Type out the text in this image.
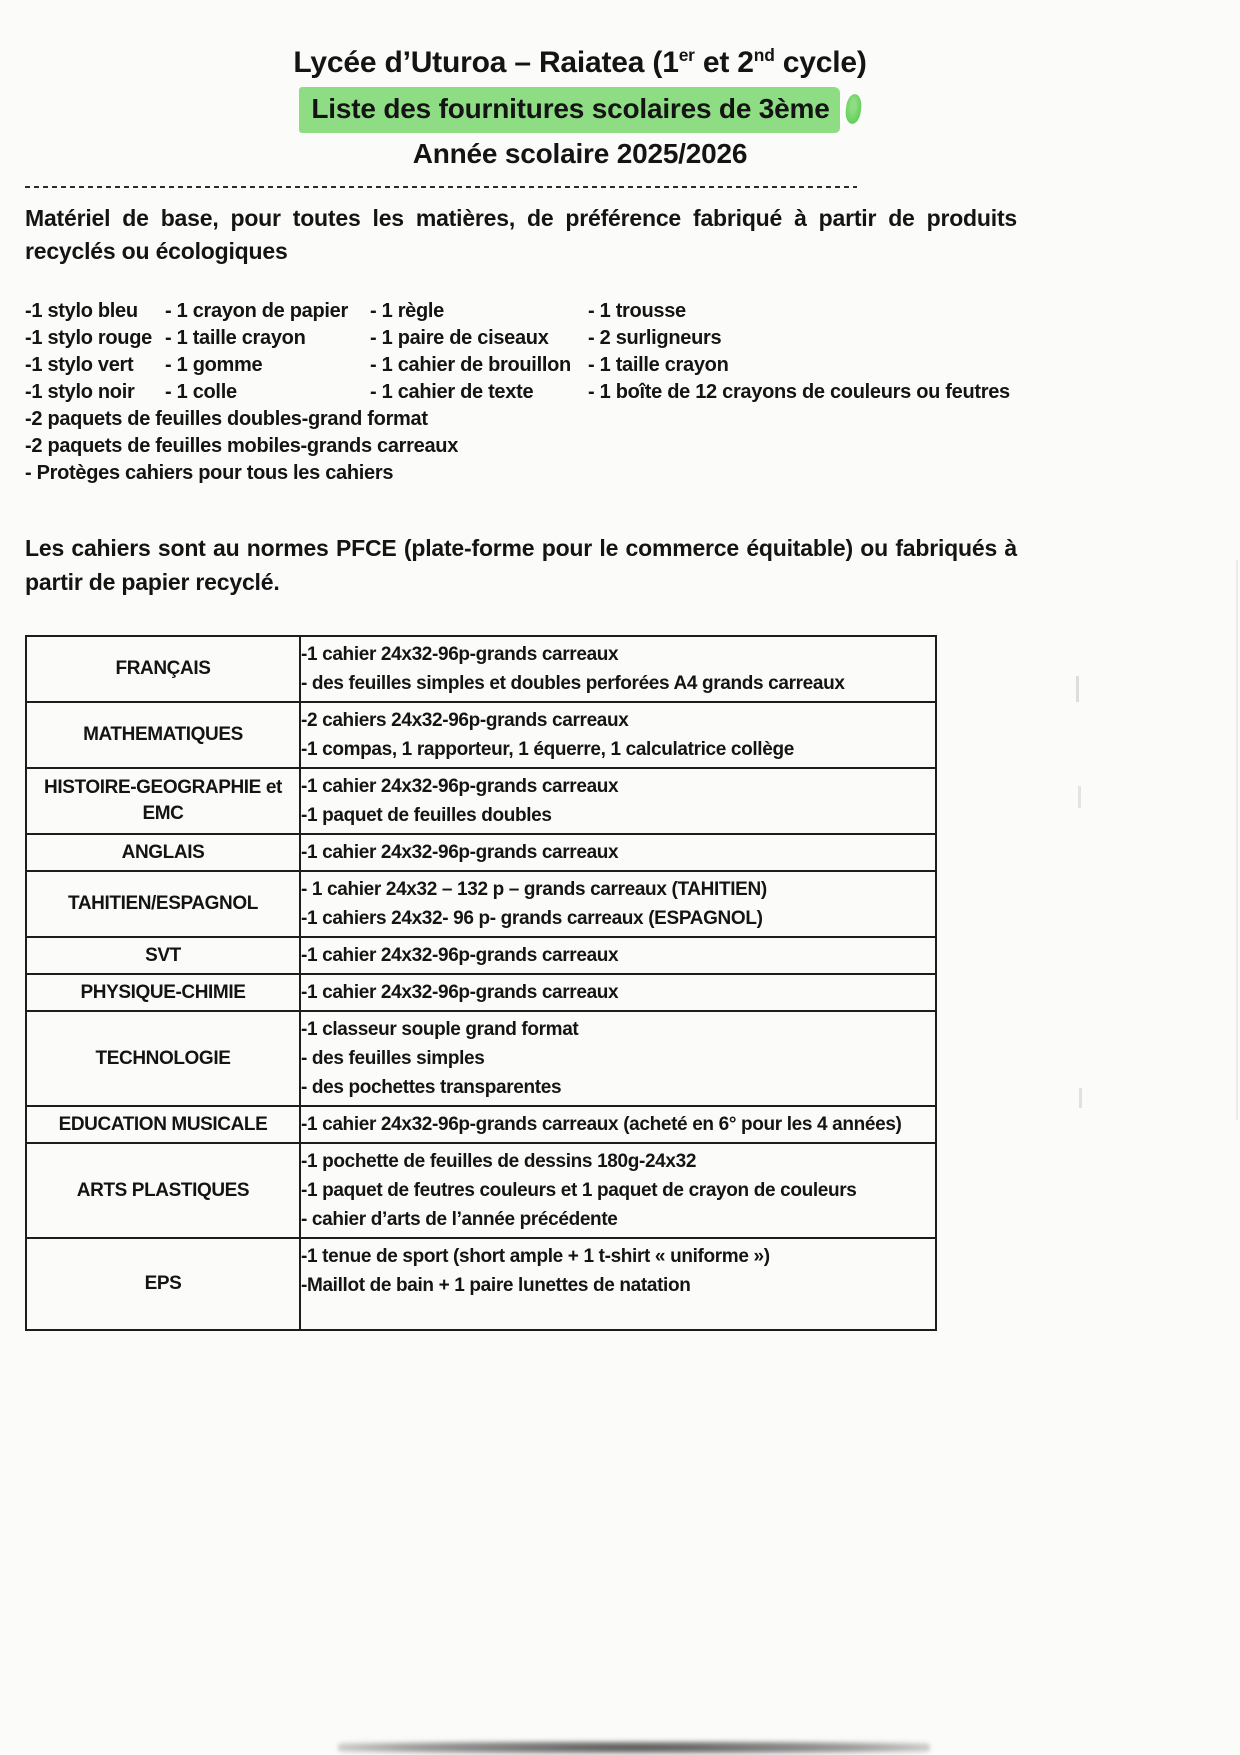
Lycée d’Uturoa – Raiatea (1er et 2nd cycle)
Liste des fournitures scolaires de 3ème
Année scolaire 2025/2026

Matériel de base, pour toutes les matières, de préférence fabriqué à partir de produits recyclés ou écologiques

-1 stylo bleu	- 1 crayon de papier	- 1 règle	- 1 trousse
-1 stylo rouge - 1 taille crayon	- 1 paire de ciseaux	- 2 surligneurs
-1 stylo vert	- 1 gomme	- 1 cahier de brouillon - 1 taille crayon
-1 stylo noir	- 1 colle	- 1 cahier de texte	- 1 boîte de 12 crayons de couleurs ou feutres
-2 paquets de feuilles doubles-grand format
-2 paquets de feuilles mobiles-grands carreaux
- Protèges cahiers pour tous les cahiers

Les cahiers sont au normes PFCE (plate-forme pour le commerce équitable) ou fabriqués à partir de papier recyclé.

FRANÇAIS	-1 cahier 24x32-96p-grands carreaux
- des feuilles simples et doubles perforées A4 grands carreaux

MATHEMATIQUES	-2 cahiers 24x32-96p-grands carreaux
-1 compas, 1 rapporteur, 1 équerre, 1 calculatrice collège

HISTOIRE-GEOGRAPHIE et EMC	-1 cahier 24x32-96p-grands carreaux
-1 paquet de feuilles doubles

ANGLAIS	-1 cahier 24x32-96p-grands carreaux

TAHITIEN/ESPAGNOL	- 1 cahier 24x32 – 132 p – grands carreaux (TAHITIEN)
-1 cahiers 24x32- 96 p- grands carreaux (ESPAGNOL)

SVT	-1 cahier 24x32-96p-grands carreaux

PHYSIQUE-CHIMIE	-1 cahier 24x32-96p-grands carreaux

TECHNOLOGIE	-1 classeur souple grand format
- des feuilles simples
- des pochettes transparentes

EDUCATION MUSICALE	-1 cahier 24x32-96p-grands carreaux (acheté en 6° pour les 4 années)

ARTS PLASTIQUES	-1 pochette de feuilles de dessins 180g-24x32
-1 paquet de feutres couleurs et 1 paquet de crayon de couleurs
- cahier d’arts de l’année précédente

EPS	-1 tenue de sport (short ample + 1 t-shirt « uniforme »)
-Maillot de bain + 1 paire lunettes de natation
